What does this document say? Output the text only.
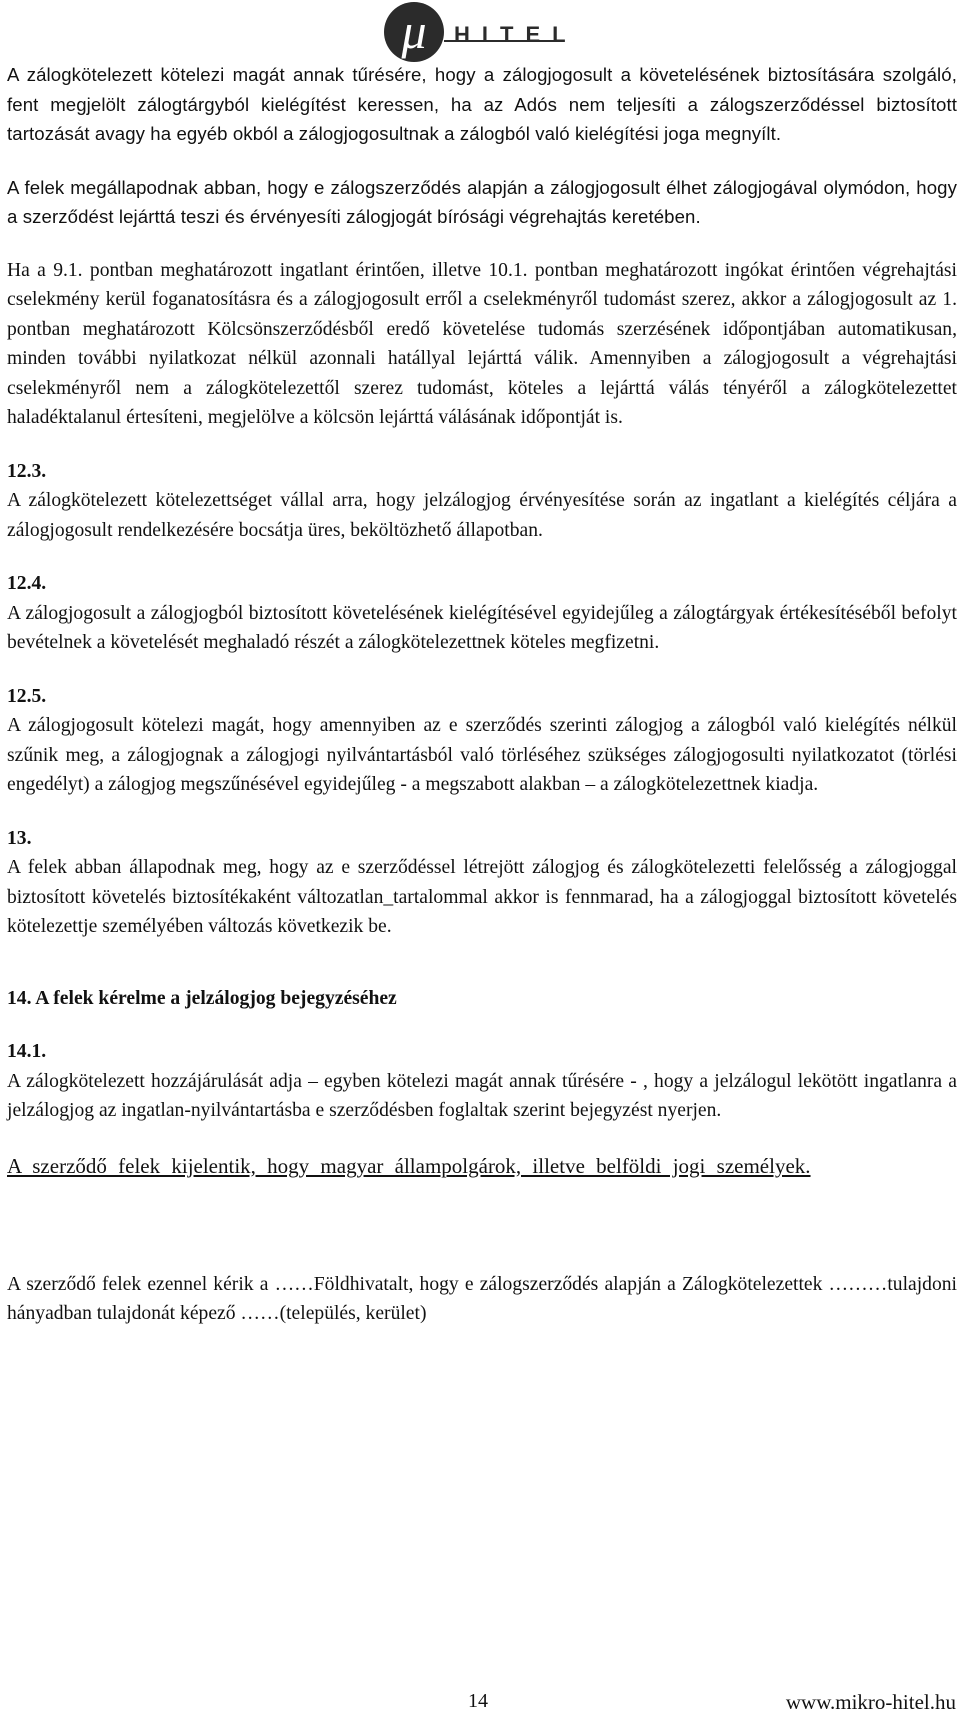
μ	HITEL

A zálogkötelezett kötelezi magát annak tűrésére, hogy a zálogjogosult a követelésének biztosítására szolgáló, fent megjelölt zálogtárgyból kielégítést keressen, ha az Adós nem teljesíti a zálogszerződéssel biztosított tartozását avagy ha egyéb okból a zálogjogosultnak a zálogból való kielégítési joga megnyílt.

A felek megállapodnak abban, hogy e zálogszerződés alapján a zálogjogosult élhet zálogjogával olymódon, hogy a szerződést lejárttá teszi és érvényesíti zálogjogát bírósági végrehajtás keretében.

Ha a 9.1. pontban meghatározott ingatlant érintően, illetve 10.1. pontban meghatározott ingókat érintően végrehajtási cselekmény kerül foganatosításra és a zálogjogosult erről a cselekményről tudomást szerez, akkor a zálogjogosult az 1. pontban meghatározott Kölcsönszerződésből eredő követelése tudomás szerzésének időpontjában automatikusan, minden további nyilatkozat nélkül azonnali hatállyal lejárttá válik. Amennyiben a zálogjogosult a végrehajtási cselekményről nem a zálogkötelezettől szerez tudomást, köteles a lejárttá válás tényéről a zálogkötelezettet haladéktalanul értesíteni, megjelölve a kölcsön lejárttá válásának időpontját is.

12.3.

A zálogkötelezett kötelezettséget vállal arra, hogy jelzálogjog érvényesítése során az ingatlant a kielégítés céljára a zálogjogosult rendelkezésére bocsátja üres, beköltözhető állapotban.

12.4.

A zálogjogosult a zálogjogból biztosított követelésének kielégítésével egyidejűleg a zálogtárgyak értékesítéséből befolyt bevételnek a követelését meghaladó részét a zálogkötelezettnek köteles megfizetni.

12.5.

A zálogjogosult kötelezi magát, hogy amennyiben az e szerződés szerinti zálogjog a zálogból való kielégítés nélkül szűnik meg, a zálogjognak a zálogjogi nyilvántartásból való törléséhez szükséges zálogjogosulti nyilatkozatot (törlési engedélyt) a zálogjog megszűnésével egyidejűleg - a megszabott alakban – a zálogkötelezettnek kiadja.

13.

A felek abban állapodnak meg, hogy az e szerződéssel létrejött zálogjog és zálogkötelezetti felelősség a zálogjoggal biztosított követelés biztosítékaként változatlan_tartalommal akkor is fennmarad, ha a zálogjoggal biztosított követelés kötelezettje személyében változás következik be.

14. A felek kérelme a jelzálogjog bejegyzéséhez

14.1.

A zálogkötelezett hozzájárulását adja – egyben kötelezi magát annak tűrésére - , hogy a jelzálogul lekötött ingatlanra a jelzálogjog az ingatlan-nyilvántartásba e szerződésben foglaltak szerint bejegyzést nyerjen.

A szerződő felek kijelentik, hogy magyar állampolgárok, illetve belföldi jogi személyek.

A szerződő felek ezennel kérik a ……Földhivatalt, hogy e zálogszerződés alapján a Zálogkötelezettek ………tulajdoni hányadban tulajdonát képező ……(település, kerület)

14	www.mikro-hitel.hu
